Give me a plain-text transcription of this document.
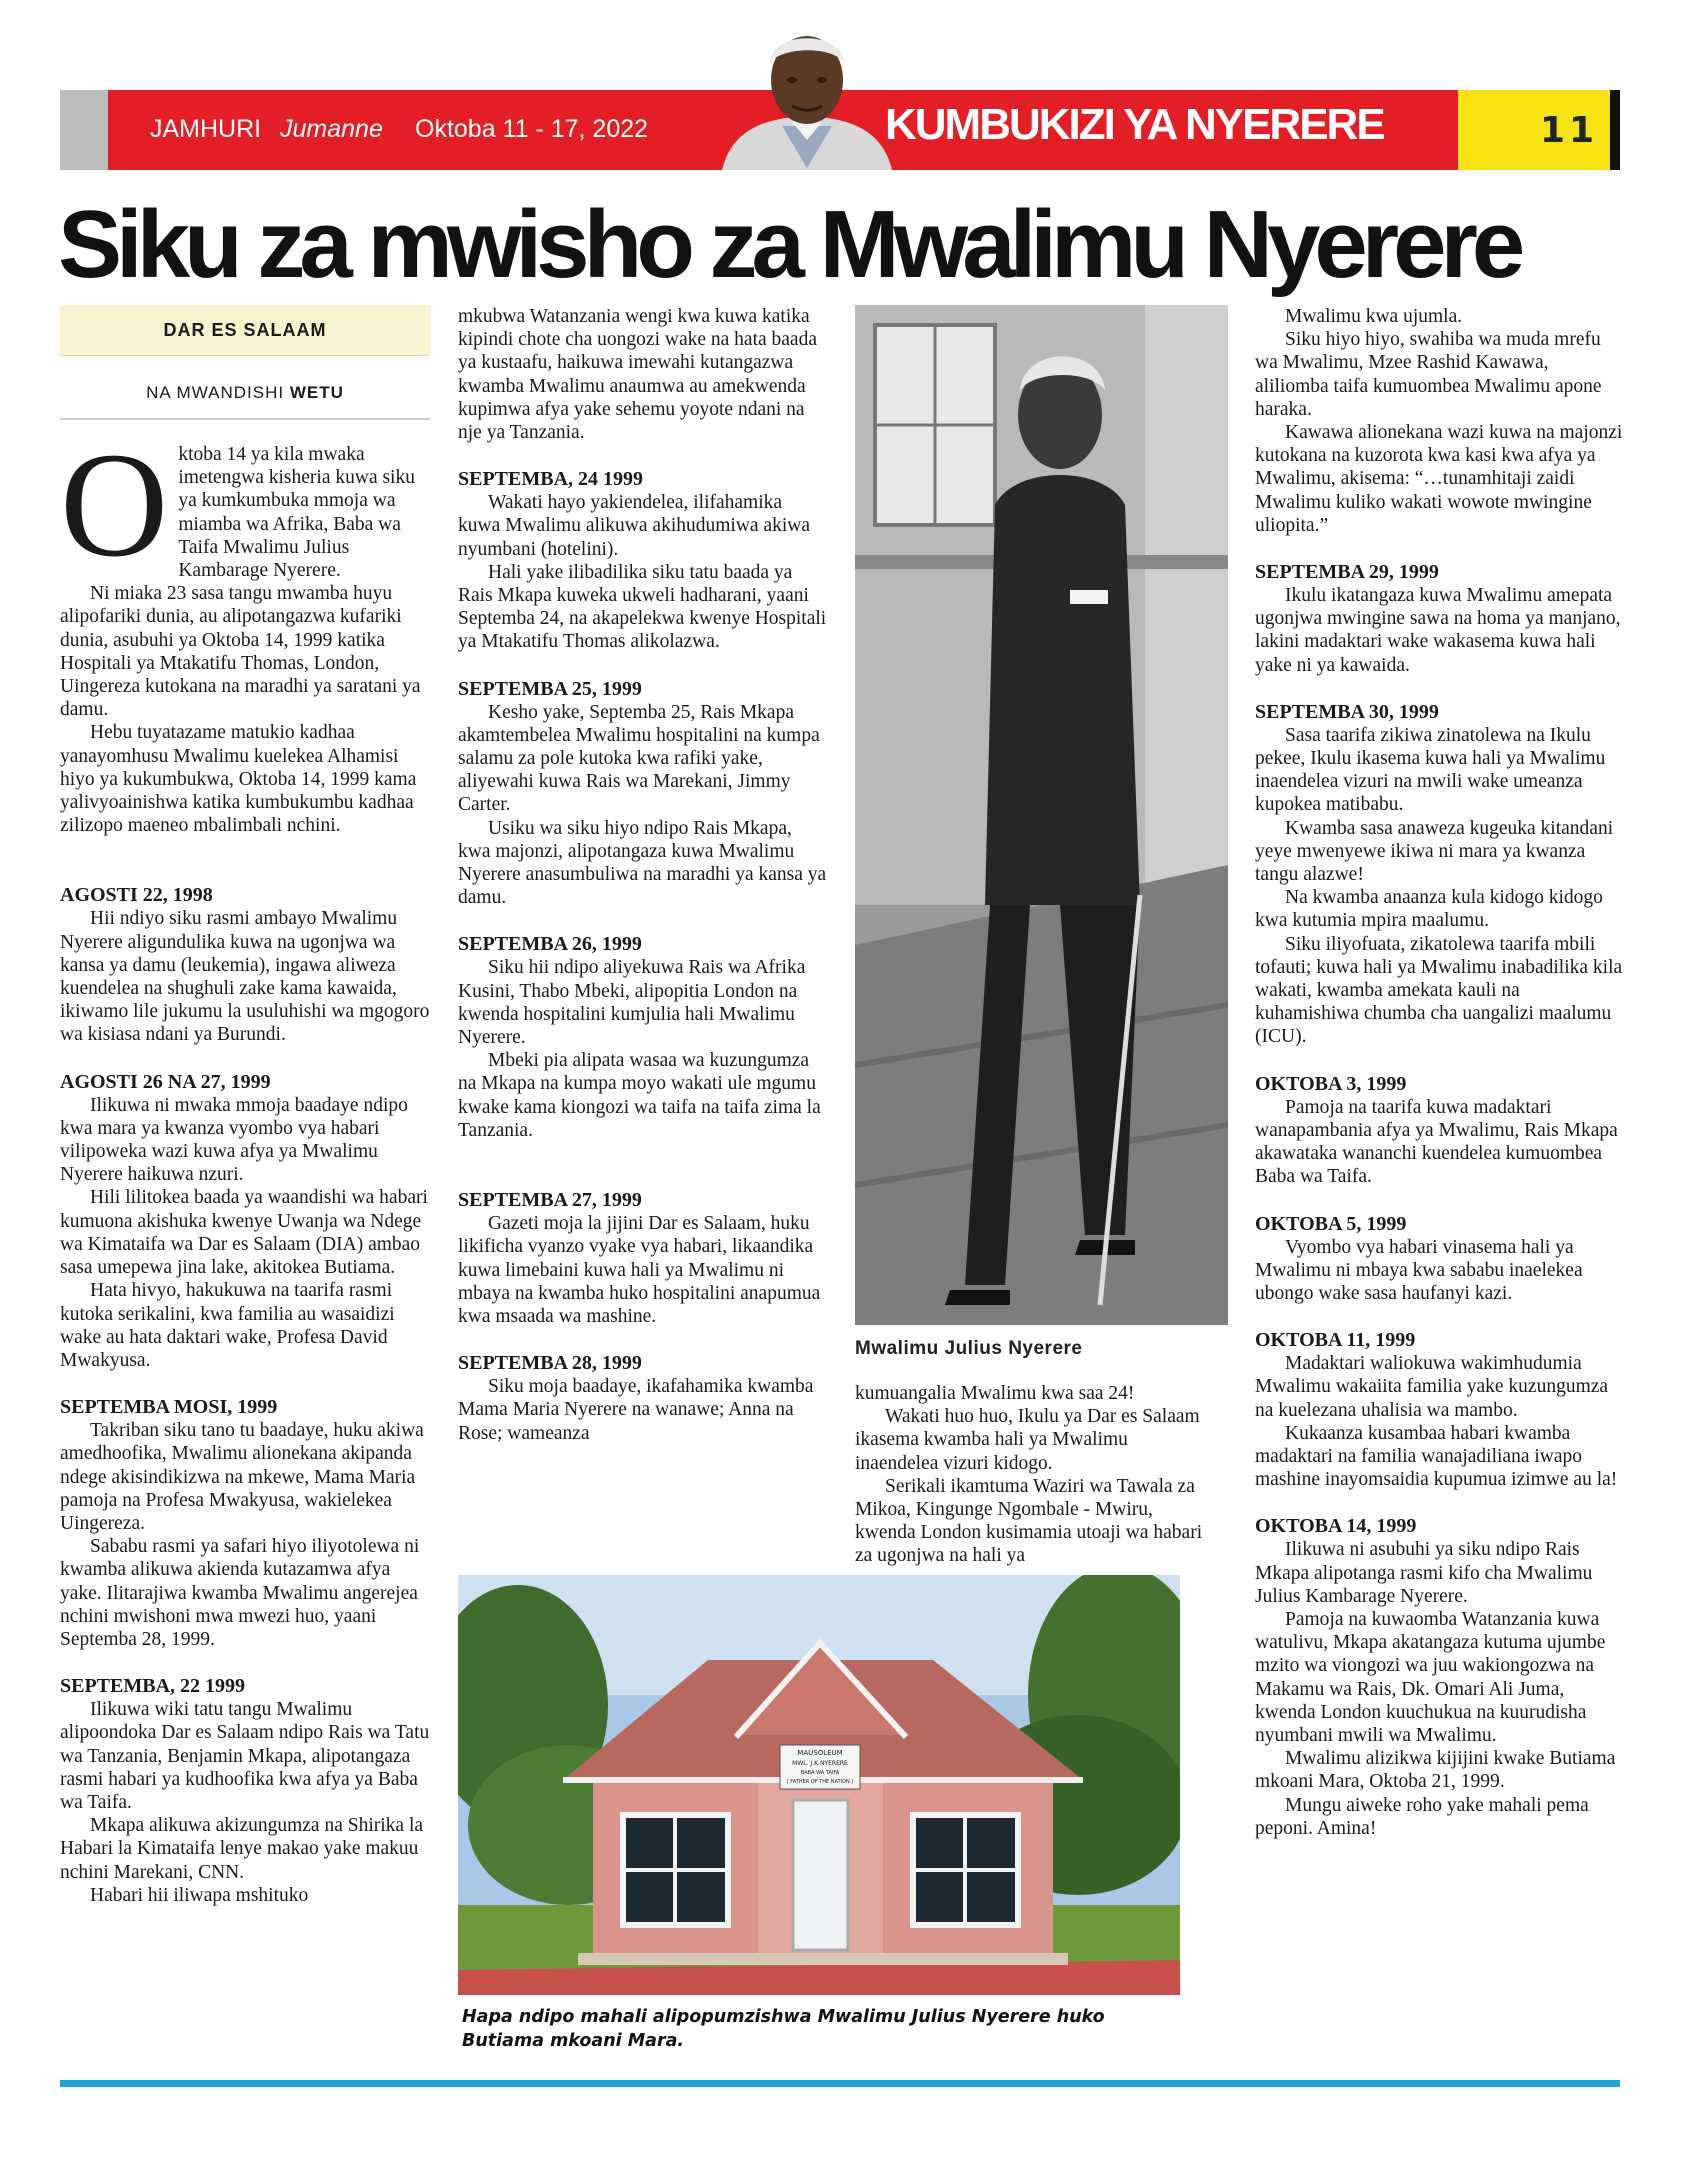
JAMHURI Jumanne Oktoba 11 - 17, 2022	KUMBUKIZI YA NYERERE	11
Siku za mwisho za Mwalimu Nyerere
DAR ES SALAAM
NA MWANDISHI WETU

Oktoba 14 ya kila mwaka imetengwa kisheria kuwa siku ya kumkumbuka mmoja wa miamba wa Afrika, Baba wa Taifa Mwalimu Julius Kambarage Nyerere.

Ni miaka 23 sasa tangu mwamba huyu alipofariki dunia, au alipotangazwa kufariki dunia, asubuhi ya Oktoba 14, 1999 katika Hospitali ya Mtakatifu Thomas, London, Uingereza kutokana na maradhi ya saratani ya damu.

Hebu tuyatazame matukio kadhaa yanayomhusu Mwalimu kuelekea Alhamisi hiyo ya kukumbukwa, Oktoba 14, 1999 kama yalivyoainishwa katika kumbukumbu kadhaa zilizopo maeneo mbalimbali nchini.

AGOSTI 22, 1998

Hii ndiyo siku rasmi ambayo Mwalimu Nyerere aligundulika kuwa na ugonjwa wa kansa ya damu (leukemia), ingawa aliweza kuendelea na shughuli zake kama kawaida, ikiwamo lile jukumu la usuluhishi wa mgogoro wa kisiasa ndani ya Burundi.

AGOSTI 26 NA 27, 1999

Ilikuwa ni mwaka mmoja baadaye ndipo kwa mara ya kwanza vyombo vya habari vilipoweka wazi kuwa afya ya Mwalimu Nyerere haikuwa nzuri.

Hili lilitokea baada ya waandishi wa habari kumuona akishuka kwenye Uwanja wa Ndege wa Kimataifa wa Dar es Salaam (DIA) ambao sasa umepewa jina lake, akitokea Butiama.

Hata hivyo, hakukuwa na taarifa rasmi kutoka serikalini, kwa familia au wasaidizi wake au hata daktari wake, Profesa David Mwakyusa.

SEPTEMBA MOSI, 1999

Takriban siku tano tu baadaye, huku akiwa amedhoofika, Mwalimu alionekana akipanda ndege akisindikizwa na mkewe, Mama Maria pamoja na Profesa Mwakyusa, wakielekea Uingereza.

Sababu rasmi ya safari hiyo iliyotolewa ni kwamba alikuwa akienda kutazamwa afya yake. Ilitarajiwa kwamba Mwalimu angerejea nchini mwishoni mwa mwezi huo, yaani Septemba 28, 1999.

SEPTEMBA, 22 1999

Ilikuwa wiki tatu tangu Mwalimu alipoondoka Dar es Salaam ndipo Rais wa Tatu wa Tanzania, Benjamin Mkapa, alipotangaza rasmi habari ya kudhoofika kwa afya ya Baba wa Taifa.

Mkapa alikuwa akizungumza na Shirika la Habari la Kimataifa lenye makao yake makuu nchini Marekani, CNN.

Habari hii iliwapa mshituko

mkubwa Watanzania wengi kwa kuwa katika kipindi chote cha uongozi wake na hata baada ya kustaafu, haikuwa imewahi kutangazwa kwamba Mwalimu anaumwa au amekwenda kupimwa afya yake sehemu yoyote ndani na nje ya Tanzania.

SEPTEMBA, 24 1999

Wakati hayo yakiendelea, ilifahamika kuwa Mwalimu alikuwa akihudumiwa akiwa nyumbani (hotelini).

Hali yake ilibadilika siku tatu baada ya Rais Mkapa kuweka ukweli hadharani, yaani Septemba 24, na akapelekwa kwenye Hospitali ya Mtakatifu Thomas alikolazwa.

SEPTEMBA 25, 1999

Kesho yake, Septemba 25, Rais Mkapa akamtembelea Mwalimu hospitalini na kumpa salamu za pole kutoka kwa rafiki yake, aliyewahi kuwa Rais wa Marekani, Jimmy Carter.

Usiku wa siku hiyo ndipo Rais Mkapa, kwa majonzi, alipotangaza kuwa Mwalimu Nyerere anasumbuliwa na maradhi ya kansa ya damu.

SEPTEMBA 26, 1999

Siku hii ndipo aliyekuwa Rais wa Afrika Kusini, Thabo Mbeki, alipopitia London na kwenda hospitalini kumjulia hali Mwalimu Nyerere.

Mbeki pia alipata wasaa wa kuzungumza na Mkapa na kumpa moyo wakati ule mgumu kwake kama kiongozi wa taifa na taifa zima la Tanzania.

SEPTEMBA 27, 1999

Gazeti moja la jijini Dar es Salaam, huku likificha vyanzo vyake vya habari, likaandika kuwa limebaini kuwa hali ya Mwalimu ni mbaya na kwamba huko hospitalini anapumua kwa msaada wa mashine.

SEPTEMBA 28, 1999

Siku moja baadaye, ikafahamika kwamba Mama Maria Nyerere na wanawe; Anna na Rose; wameanza

Mwalimu Julius Nyerere

kumuangalia Mwalimu kwa saa 24!

Wakati huo huo, Ikulu ya Dar es Salaam ikasema kwamba hali ya Mwalimu inaendelea vizuri kidogo.

Serikali ikamtuma Waziri wa Tawala za Mikoa, Kingunge Ngombale - Mwiru, kwenda London kusimamia utoaji wa habari za ugonjwa na hali ya

Mwalimu kwa ujumla.

Siku hiyo hiyo, swahiba wa muda mrefu wa Mwalimu, Mzee Rashid Kawawa, aliliomba taifa kumuombea Mwalimu apone haraka.

Kawawa alionekana wazi kuwa na majonzi kutokana na kuzorota kwa kasi kwa afya ya Mwalimu, akisema: “…tunamhitaji zaidi Mwalimu kuliko wakati wowote mwingine uliopita.”

SEPTEMBA 29, 1999

Ikulu ikatangaza kuwa Mwalimu amepata ugonjwa mwingine sawa na homa ya manjano, lakini madaktari wake wakasema kuwa hali yake ni ya kawaida.

SEPTEMBA 30, 1999

Sasa taarifa zikiwa zinatolewa na Ikulu pekee, Ikulu ikasema kuwa hali ya Mwalimu inaendelea vizuri na mwili wake umeanza kupokea matibabu.

Kwamba sasa anaweza kugeuka kitandani yeye mwenyewe ikiwa ni mara ya kwanza tangu alazwe!

Na kwamba anaanza kula kidogo kidogo kwa kutumia mpira maalumu.

Siku iliyofuata, zikatolewa taarifa mbili tofauti; kuwa hali ya Mwalimu inabadilika kila wakati, kwamba amekata kauli na kuhamishiwa chumba cha uangalizi maalumu (ICU).

OKTOBA 3, 1999

Pamoja na taarifa kuwa madaktari wanapambania afya ya Mwalimu, Rais Mkapa akawataka wananchi kuendelea kumuombea Baba wa Taifa.

OKTOBA 5, 1999

Vyombo vya habari vinasema hali ya Mwalimu ni mbaya kwa sababu inaelekea ubongo wake sasa haufanyi kazi.

OKTOBA 11, 1999

Madaktari waliokuwa wakimhudumia Mwalimu wakaiita familia yake kuzungumza na kuelezana uhalisia wa mambo.

Kukaanza kusambaa habari kwamba madaktari na familia wanajadiliana iwapo mashine inayomsaidia kupumua izimwe au la!

OKTOBA 14, 1999

Ilikuwa ni asubuhi ya siku ndipo Rais Mkapa alipotanga rasmi kifo cha Mwalimu Julius Kambarage Nyerere.

Pamoja na kuwaomba Watanzania kuwa watulivu, Mkapa akatangaza kutuma ujumbe mzito wa viongozi wa juu wakiongozwa na Makamu wa Rais, Dk. Omari Ali Juma, kwenda London kuuchukua na kuurudisha nyumbani mwili wa Mwalimu.

Mwalimu alizikwa kijijini kwake Butiama mkoani Mara, Oktoba 21, 1999.

Mungu aiweke roho yake mahali pema peponi. Amina!

MAUSOLEUM
MWL. J.K NYERERE
BABA WA TAIFA
( FATHER OF THE NATION )
Hapa ndipo mahali alipopumzishwa Mwalimu Julius Nyerere huko Butiama mkoani Mara.
